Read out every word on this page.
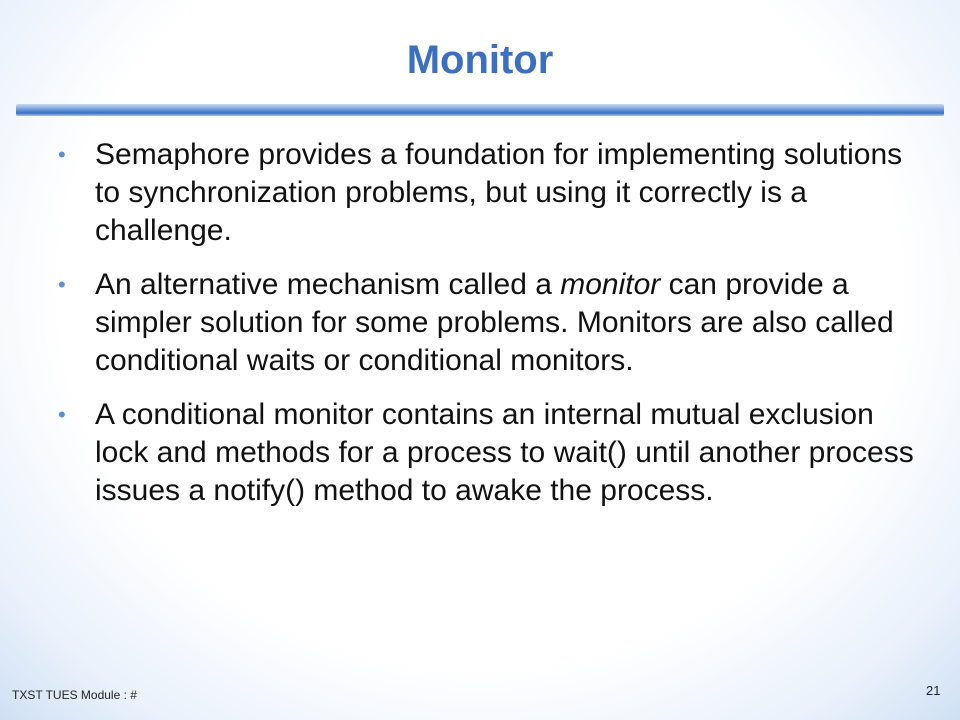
Monitor
• Semaphore provides a foundation for implementing solutions to synchronization problems, but using it correctly is a challenge.
• An alternative mechanism called a monitor can provide a simpler solution for some problems. Monitors are also called conditional waits or conditional monitors.
• A conditional monitor contains an internal mutual exclusion lock and methods for a process to wait() until another process issues a notify() method to awake the process.
TXST TUES Module : #	21
